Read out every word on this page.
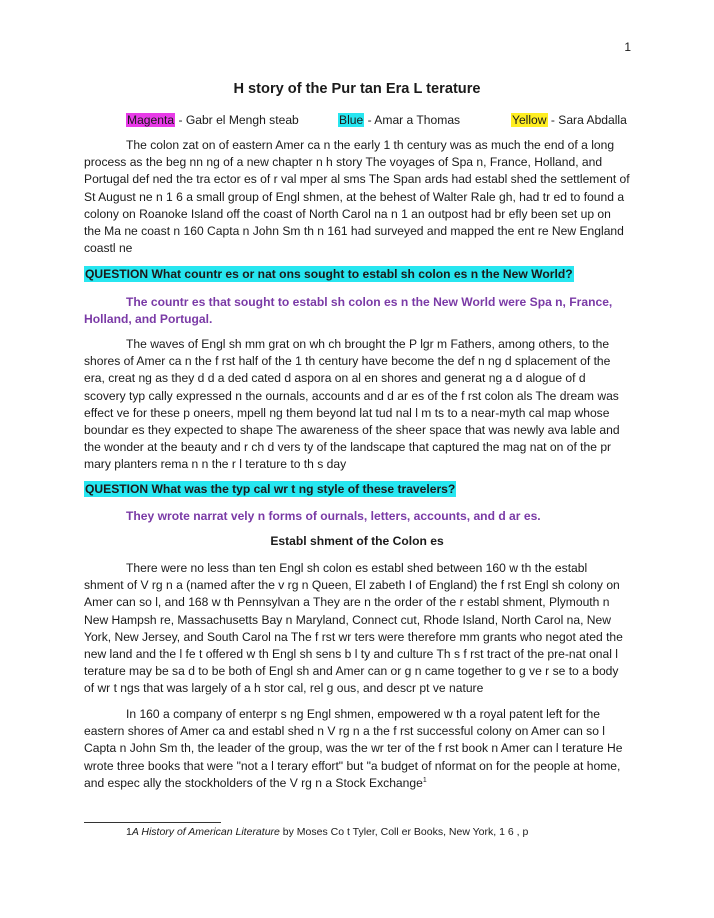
1
H story of the Pur tan Era L terature
Magenta - Gabr el Mengh steab	Blue - Amar a Thomas	Yellow - Sara Abdalla
The colon zat on of eastern Amer ca n the early 1 th century was as much the end of a long process as the beg nn ng of a new chapter n h story The voyages of Spa n, France, Holland, and Portugal def ned the tra ector es of r val mper al sms The Span ards had establ shed the settlement of St August ne n 1 6 a small group of Engl shmen, at the behest of Walter Rale gh, had tr ed to found a colony on Roanoke Island off the coast of North Carol na n 1 an outpost had br efly been set up on the Ma ne coast n 160 Capta n John Sm th n 161 had surveyed and mapped the ent re New England coastl ne
QUESTION What countr es or nat ons sought to establ sh colon es n the New World?
The countr es that sought to establ sh colon es n the New World were Spa n, France, Holland, and Portugal.
The waves of Engl sh mm grat on wh ch brought the P lgr m Fathers, among others, to the shores of Amer ca n the f rst half of the 1 th century have become the def n ng d splacement of the era, creat ng as they d d a ded cated d aspora on al en shores and generat ng a d alogue of d scovery typ cally expressed n the ournals, accounts and d ar es of the f rst colon als The dream was effect ve for these p oneers, mpell ng them beyond lat tud nal l m ts to a near-myth cal map whose boundar es they expected to shape The awareness of the sheer space that was newly ava lable and the wonder at the beauty and r ch d vers ty of the landscape that captured the mag nat on of the pr mary planters rema n n the r l terature to th s day
QUESTION What was the typ cal wr t ng style of these travelers?
They wrote narrat vely n forms of ournals, letters, accounts, and d ar es.
Establ shment of the Colon es
There were no less than ten Engl sh colon es establ shed between 160 w th the establ shment of V rg n a (named after the v rg n Queen, El zabeth I of England) the f rst Engl sh colony on Amer can so l, and 168 w th Pennsylvan a They are n the order of the r establ shment, Plymouth n New Hampsh re, Massachusetts Bay n Maryland, Connect cut, Rhode Island, North Carol na, New York, New Jersey, and South Carol na The f rst wr ters were therefore mm grants who negot ated the new land and the l fe t offered w th Engl sh sens b l ty and culture Th s f rst tract of the pre-nat onal l terature may be sa d to be both of Engl sh and Amer can or g n came together to g ve r se to a body of wr t ngs that was largely of a h stor cal, rel g ous, and descr pt ve nature
In 160 a company of enterpr s ng Engl shmen, empowered w th a royal patent left for the eastern shores of Amer ca and establ shed n V rg n a the f rst successful colony on Amer can so l Capta n John Sm th, the leader of the group, was the wr ter of the f rst book n Amer can l terature He wrote three books that were "not a l terary effort" but "a budget of nformat on for the people at home, and espec ally the stockholders of the V rg n a Stock Exchange$^1$
1A History of American Literature by Moses Co t Tyler, Coll er Books, New York, 1 6 , p
